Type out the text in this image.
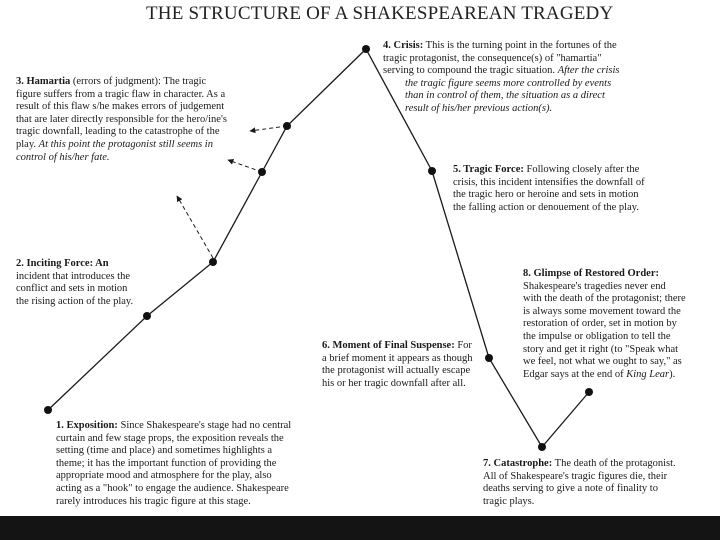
THE STRUCTURE OF A SHAKESPEAREAN TRAGEDY
3. Hamartia (errors of judgment): The tragic
figure suffers from a tragic flaw in character. As a
result of this flaw s/he makes errors of judgement
that are later directly responsible for the hero/ine's
tragic downfall, leading to the catastrophe of the
play. At this point the protagonist still seems in
control of his/her fate.
4. Crisis: This is the turning point in the fortunes of the
tragic protagonist, the consequence(s) of "hamartia"
serving to compound the tragic situation. After the crisis
the tragic figure seems more controlled by events
than in control of them, the situation as a direct
result of his/her previous action(s).
5. Tragic Force: Following closely after the
crisis, this incident intensifies the downfall of
the tragic hero or heroine and sets in motion
the falling action or denouement of the play.
2. Inciting Force: An
incident that introduces the
conflict and sets in motion
the rising action of the play.
8. Glimpse of Restored Order:
Shakespeare's tragedies never end
with the death of the protagonist; there
is always some movement toward the
restoration of order, set in motion by
the impulse or obligation to tell the
story and get it right (to "Speak what
we feel, not what we ought to say," as
Edgar says at the end of King Lear).
6. Moment of Final Suspense: For
a brief moment it appears as though
the protagonist will actually escape
his or her tragic downfall after all.
1. Exposition: Since Shakespeare's stage had no central
curtain and few stage props, the exposition reveals the
setting (time and place) and sometimes highlights a
theme; it has the important function of providing the
appropriate mood and atmosphere for the play, also
acting as a "hook" to engage the audience. Shakespeare
rarely introduces his tragic figure at this stage.
7. Catastrophe: The death of the protagonist.
All of Shakespeare's tragic figures die, their
deaths serving to give a note of finality to
tragic plays.
